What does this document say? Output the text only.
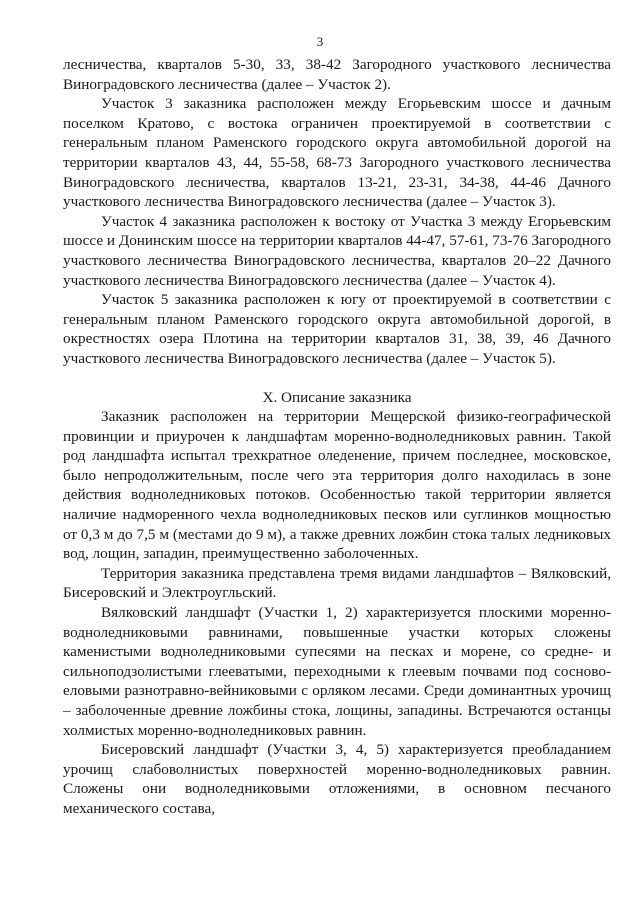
3

лесничества, кварталов 5-30, 33, 38-42 Загородного участкового лесничества Виноградовского лесничества (далее – Участок 2).

Участок 3 заказника расположен между Егорьевским шоссе и дачным поселком Кратово, с востока ограничен проектируемой в соответствии с генеральным планом Раменского городского округа автомобильной дорогой на территории кварталов 43, 44, 55-58, 68-73 Загородного участкового лесничества Виноградовского лесничества, кварталов 13-21, 23-31, 34-38, 44-46 Дачного участкового лесничества Виноградовского лесничества (далее – Участок 3).

Участок 4 заказника расположен к востоку от Участка 3 между Егорьевским шоссе и Донинским шоссе на территории кварталов 44-47, 57-61, 73-76 Загородного участкового лесничества Виноградовского лесничества, кварталов 20–22 Дачного участкового лесничества Виноградовского лесничества (далее – Участок 4).

Участок 5 заказника расположен к югу от проектируемой в соответствии с генеральным планом Раменского городского округа автомобильной дорогой, в окрестностях озера Плотина на территории кварталов 31, 38, 39, 46 Дачного участкового лесничества Виноградовского лесничества (далее – Участок 5).

X. Описание заказника

Заказник расположен на территории Мещерской физико-географической провинции и приурочен к ландшафтам моренно-водноледниковых равнин. Такой род ландшафта испытал трехкратное оледенение, причем последнее, московское, было непродолжительным, после чего эта территория долго находилась в зоне действия водноледниковых потоков. Особенностью такой территории является наличие надморенного чехла водноледниковых песков или суглинков мощностью от 0,3 м до 7,5 м (местами до 9 м), а также древних ложбин стока талых ледниковых вод, лощин, западин, преимущественно заболоченных.

Территория заказника представлена тремя видами ландшафтов – Вялковский, Бисеровский и Электроугльский.

Вялковский ландшафт (Участки 1, 2) характеризуется плоскими моренно-водноледниковыми равнинами, повышенные участки которых сложены каменистыми водноледниковыми супесями на песках и морене, со средне- и сильноподзолистыми глееватыми, переходными к глеевым почвами под сосново-еловыми разнотравно-вейниковыми с орляком лесами. Среди доминантных урочищ – заболоченные древние ложбины стока, лощины, западины. Встречаются останцы холмистых моренно-водноледниковых равнин.

Бисеровский ландшафт (Участки 3, 4, 5) характеризуется преобладанием урочищ слабоволнистых поверхностей моренно-водноледниковых равнин. Сложены они водноледниковыми отложениями, в основном песчаного механического состава,
